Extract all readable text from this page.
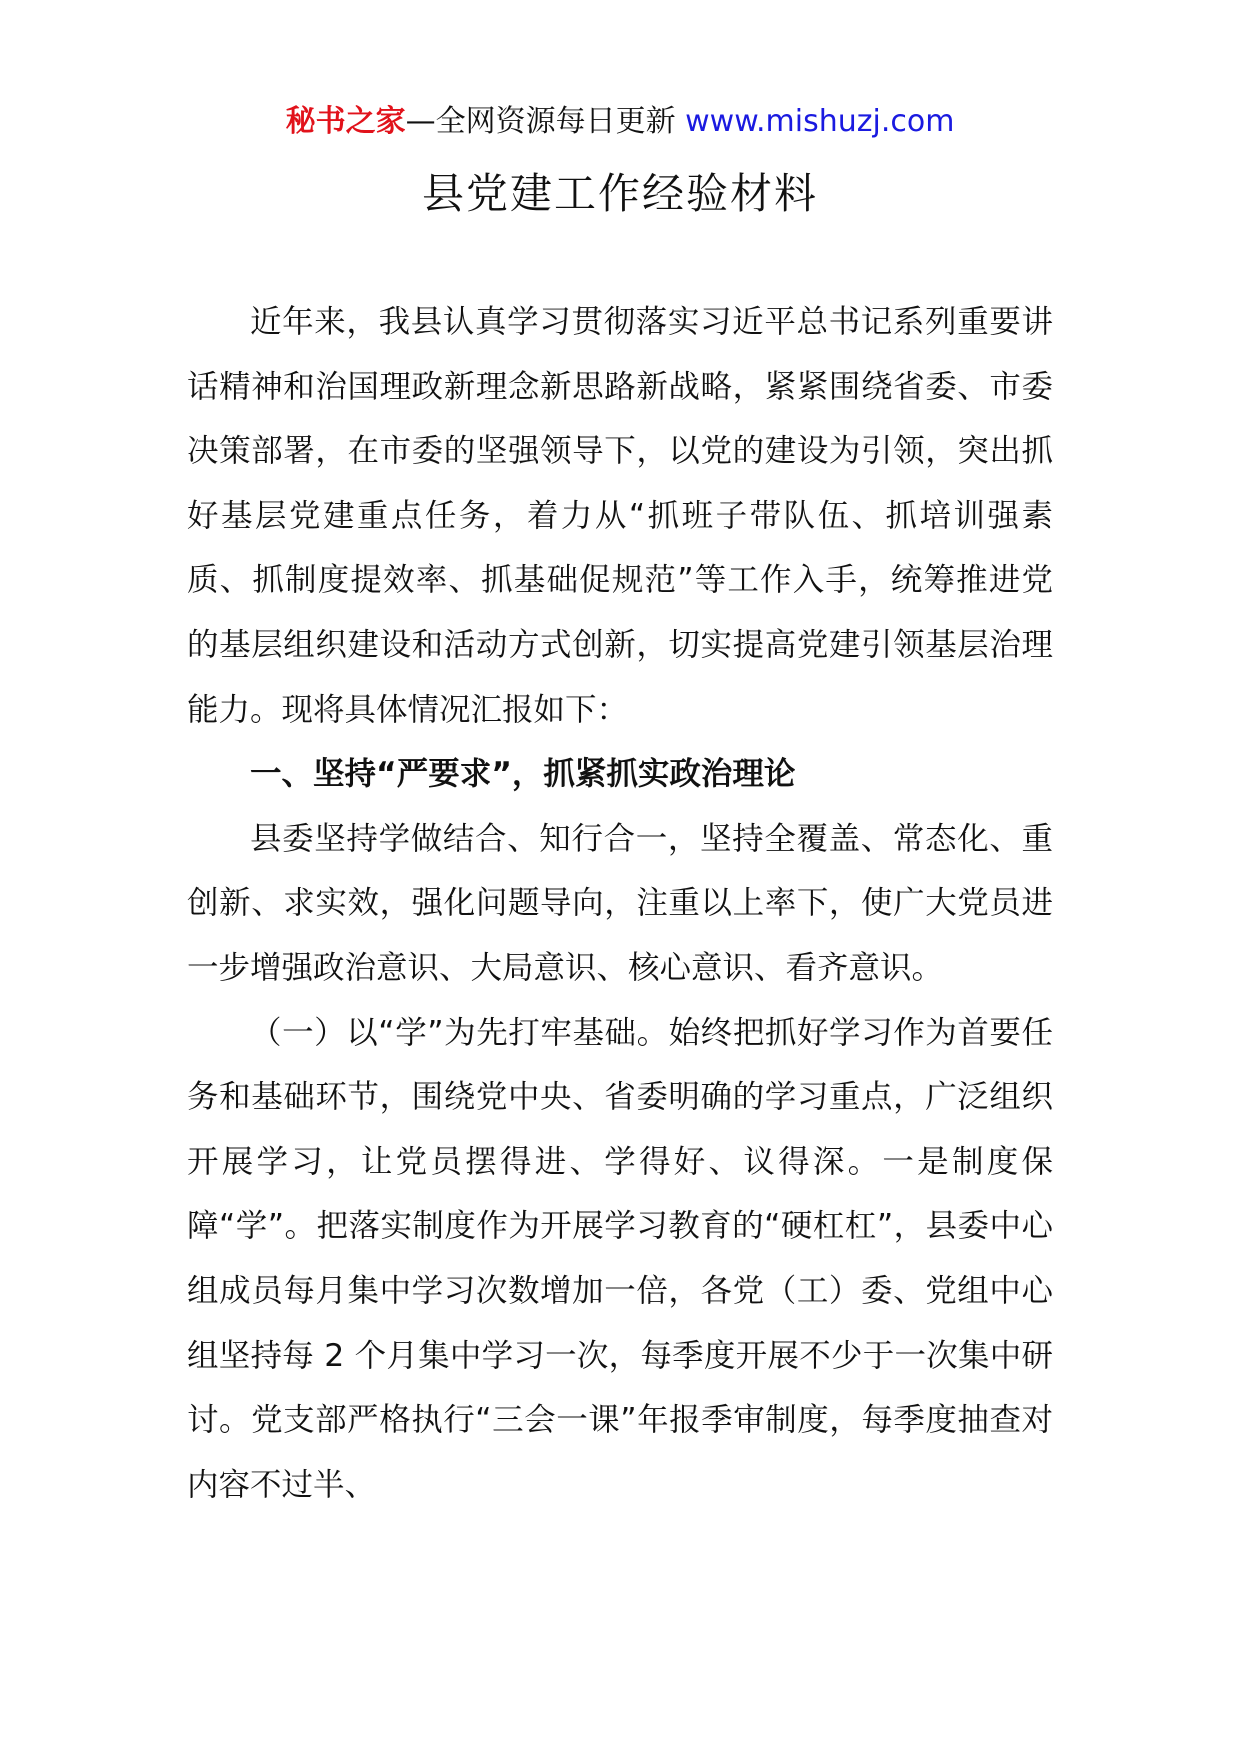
秘书之家—全网资源每日更新 www.mishuzj.com
县党建工作经验材料

近年来，我县认真学习贯彻落实习近平总书记系列重要讲话精神和治国理政新理念新思路新战略，紧紧围绕省委、市委决策部署，在市委的坚强领导下，以党的建设为引领，突出抓好基层党建重点任务，着力从“抓班子带队伍、抓培训强素质、抓制度提效率、抓基础促规范”等工作入手，统筹推进党的基层组织建设和活动方式创新，切实提高党建引领基层治理能力。现将具体情况汇报如下：

一、坚持“严要求”，抓紧抓实政治理论

县委坚持学做结合、知行合一，坚持全覆盖、常态化、重创新、求实效，强化问题导向，注重以上率下，使广大党员进一步增强政治意识、大局意识、核心意识、看齐意识。

（一）以“学”为先打牢基础。始终把抓好学习作为首要任务和基础环节，围绕党中央、省委明确的学习重点，广泛组织开展学习，让党员摆得进、学得好、议得深。一是制度保障“学”。把落实制度作为开展学习教育的“硬杠杠”，县委中心组成员每月集中学习次数增加一倍，各党（工）委、党组中心组坚持每 2 个月集中学习一次，每季度开展不少于一次集中研讨。党支部严格执行“三会一课”年报季审制度，每季度抽查对内容不过半、
